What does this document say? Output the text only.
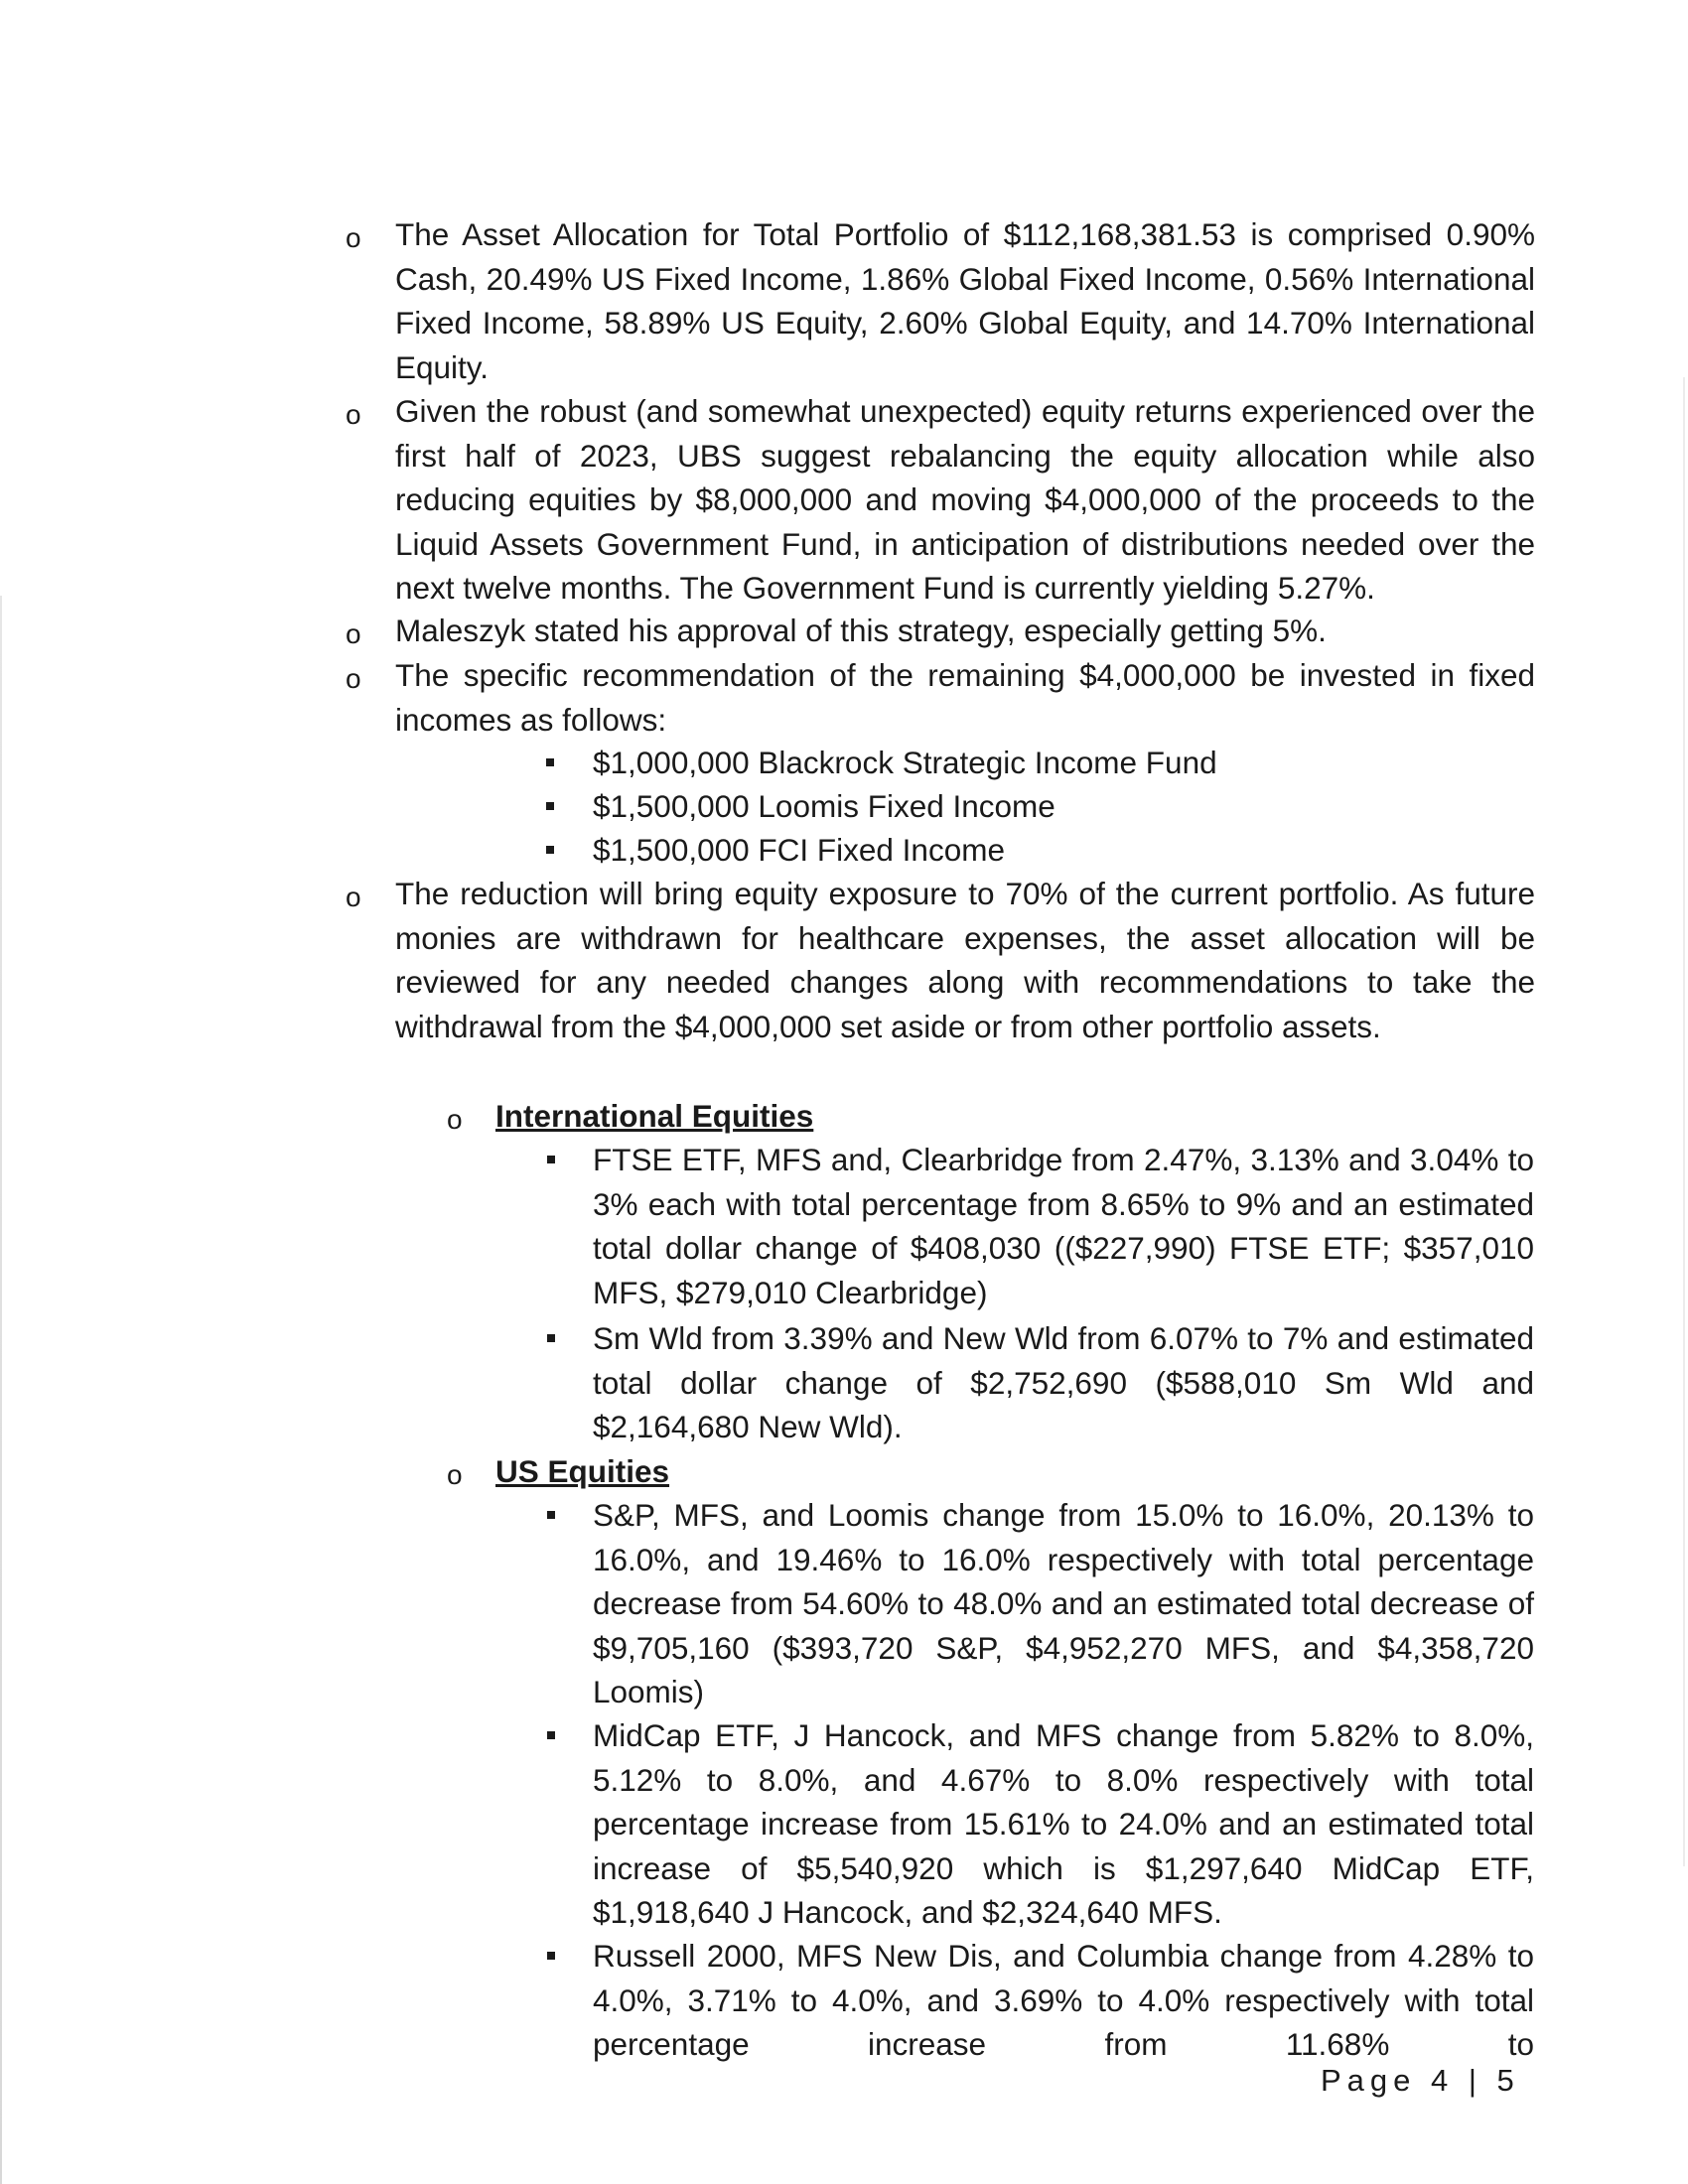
o The Asset Allocation for Total Portfolio of $112,168,381.53 is comprised 0.90% Cash, 20.49% US Fixed Income, 1.86% Global Fixed Income, 0.56% International Fixed Income, 58.89% US Equity, 2.60% Global Equity, and 14.70% International Equity.
o Given the robust (and somewhat unexpected) equity returns experienced over the first half of 2023, UBS suggest rebalancing the equity allocation while also reducing equities by $8,000,000 and moving $4,000,000 of the proceeds to the Liquid Assets Government Fund, in anticipation of distributions needed over the next twelve months. The Government Fund is currently yielding 5.27%.
o Maleszyk stated his approval of this strategy, especially getting 5%.
o The specific recommendation of the remaining $4,000,000 be invested in fixed incomes as follows:
$1,000,000 Blackrock Strategic Income Fund
$1,500,000 Loomis Fixed Income
$1,500,000 FCI Fixed Income
o The reduction will bring equity exposure to 70% of the current portfolio. As future monies are withdrawn for healthcare expenses, the asset allocation will be reviewed for any needed changes along with recommendations to take the withdrawal from the $4,000,000 set aside or from other portfolio assets.
o International Equities
FTSE ETF, MFS and, Clearbridge from 2.47%, 3.13% and 3.04% to 3% each with total percentage from 8.65% to 9% and an estimated total dollar change of $408,030 (($227,990) FTSE ETF; $357,010 MFS, $279,010 Clearbridge)
Sm Wld from 3.39% and New Wld from 6.07% to 7% and estimated total dollar change of $2,752,690 ($588,010 Sm Wld and $2,164,680 New Wld).
o US Equities
S&P, MFS, and Loomis change from 15.0% to 16.0%, 20.13% to 16.0%, and 19.46% to 16.0% respectively with total percentage decrease from 54.60% to 48.0% and an estimated total decrease of $9,705,160 ($393,720 S&P, $4,952,270 MFS, and $4,358,720 Loomis)
MidCap ETF, J Hancock, and MFS change from 5.82% to 8.0%, 5.12% to 8.0%, and 4.67% to 8.0% respectively with total percentage increase from 15.61% to 24.0% and an estimated total increase of $5,540,920 which is $1,297,640 MidCap ETF, $1,918,640 J Hancock, and $2,324,640 MFS.
Russell 2000, MFS New Dis, and Columbia change from 4.28% to 4.0%, 3.71% to 4.0%, and 3.69% to 4.0% respectively with total percentage increase from 11.68% to
Page 4 | 5
